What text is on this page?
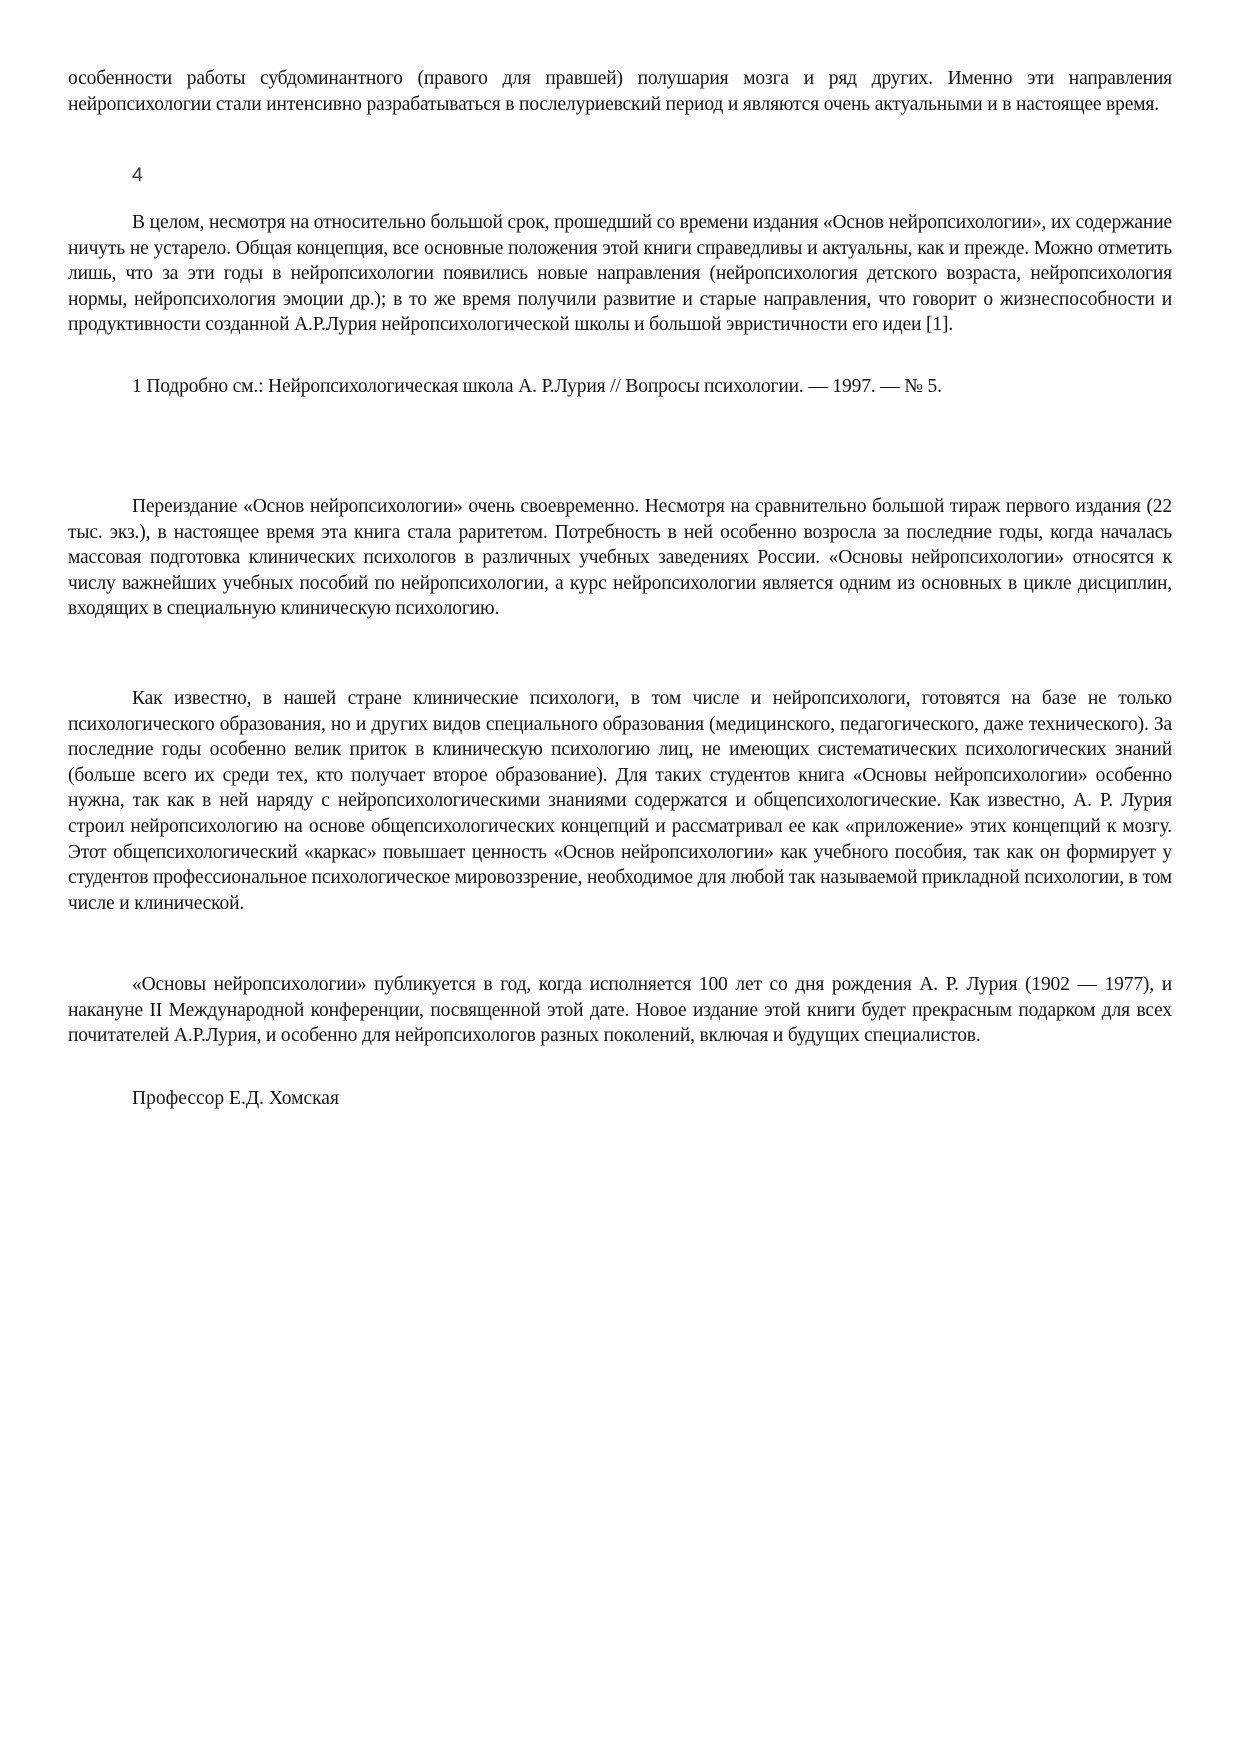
особенности работы субдоминантного (правого для правшей) полушария мозга и ряд других. Именно эти направления нейропсихологии стали интенсивно разрабатываться в послелуриевский период и являются очень актуальными и в настоящее время.

4

В целом, несмотря на относительно большой срок, прошедший со времени издания «Основ нейропсихологии», их содержание ничуть не устарело. Общая концепция, все основные положения этой книги справедливы и актуальны, как и прежде. Можно отметить лишь, что за эти годы в нейропсихологии появились новые направления (нейропсихология детского возраста, нейропсихология нормы, нейропсихология эмоции др.); в то же время получили развитие и старые направления, что говорит о жизнеспособности и продуктивности созданной А.Р.Лурия нейропсихологической школы и большой эвристичности его идеи [1].

1 Подробно см.: Нейропсихологическая школа А. Р.Лурия // Вопросы психологии. — 1997. — № 5.

Переиздание «Основ нейропсихологии» очень своевременно. Несмотря на сравнительно большой тираж первого издания (22 тыс. экз.), в настоящее время эта книга стала раритетом. Потребность в ней особенно возросла за последние годы, когда началась массовая подготовка клинических психологов в различных учебных заведениях России. «Основы нейропсихологии» относятся к числу важнейших учебных пособий по нейропсихологии, а курс нейропсихологии является одним из основных в цикле дисциплин, входящих в специальную клиническую психологию.

Как известно, в нашей стране клинические психологи, в том числе и нейропсихологи, готовятся на базе не только психологического образования, но и других видов специального образования (медицинского, педагогического, даже технического). За последние годы особенно велик приток в клиническую психологию лиц, не имеющих систематических психологических знаний (больше всего их среди тех, кто получает второе образование). Для таких студентов книга «Основы нейропсихологии» особенно нужна, так как в ней наряду с нейропсихологическими знаниями содержатся и общепсихологические. Как известно, А. Р. Лурия строил нейропсихологию на основе общепсихологических концепций и рассматривал ее как «приложение» этих концепций к мозгу. Этот общепсихологический «каркас» повышает ценность «Основ нейропсихологии» как учебного пособия, так как он формирует у студентов профессиональное психологическое мировоззрение, необходимое для любой так называемой прикладной психологии, в том числе и клинической.

«Основы нейропсихологии» публикуется в год, когда исполняется 100 лет со дня рождения А. Р. Лурия (1902 — 1977), и накануне II Международной конференции, посвященной этой дате. Новое издание этой книги будет прекрасным подарком для всех почитателей А.Р.Лурия, и особенно для нейропсихологов разных поколений, включая и будущих специалистов.

Профессор Е.Д. Хомская
